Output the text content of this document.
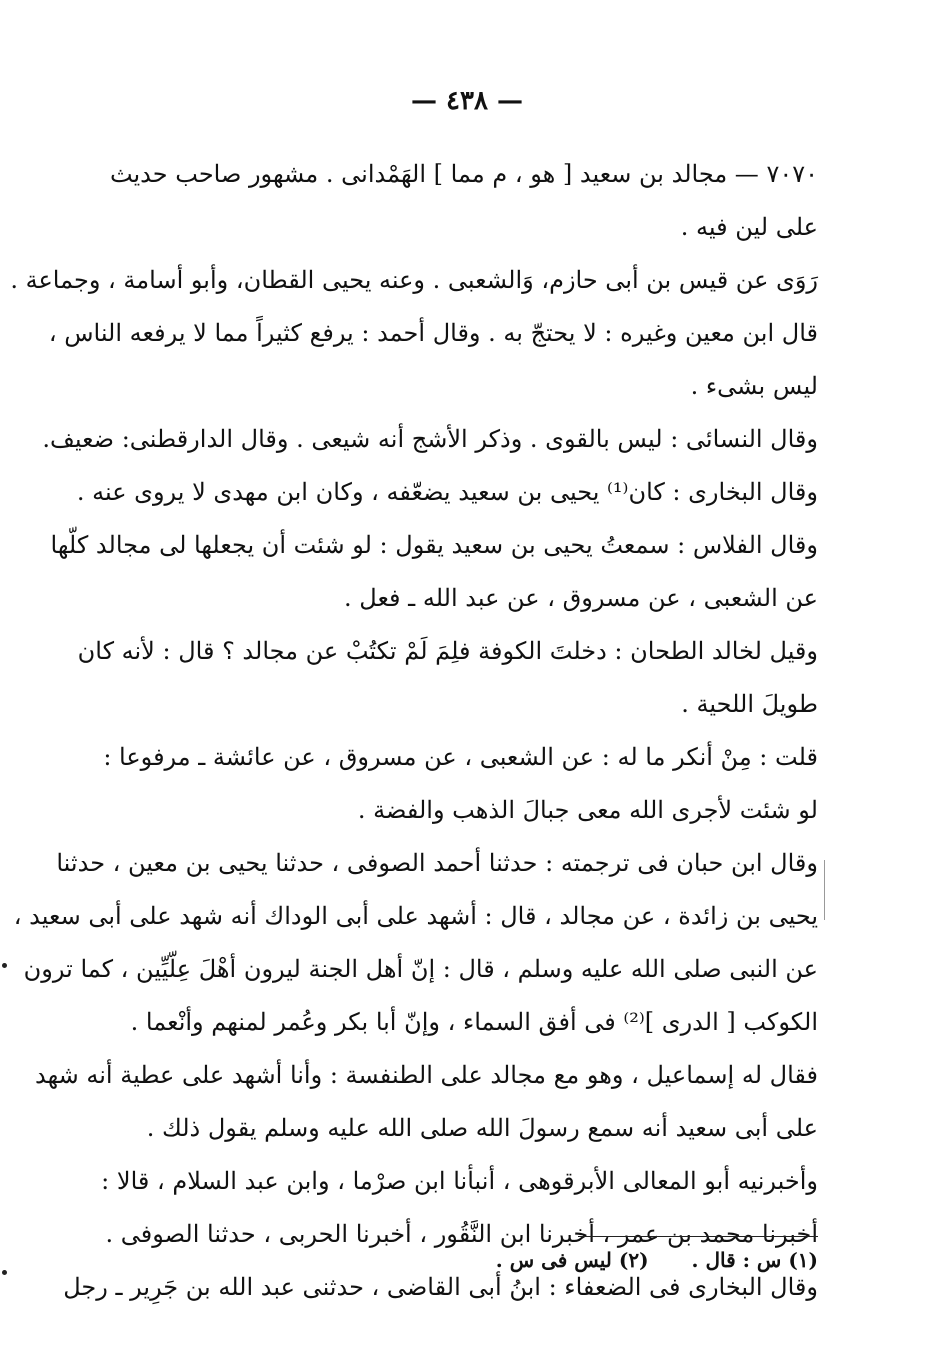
— ٤٣٨ —
٧٠٧٠ — مجالد بن سعيد [ هو ، م مما ] الهَمْدانى . مشهور صاحب حديث
على لين فيه .
رَوَى عن قيس بن أبى حازم، وَالشعبى . وعنه يحيى القطان، وأبو أسامة ، وجماعة .
قال ابن معين وغيره : لا يحتجّ به . وقال أحمد : يرفع كثيراً مما لا يرفعه الناس ،
ليس بشىء .
وقال النسائى : ليس بالقوى . وذكر الأشج أنه شيعى . وقال الدارقطنى: ضعيف.
وقال البخارى : كان⁽¹⁾ يحيى بن سعيد يضعّفه ، وكان ابن مهدى لا يروى عنه .
وقال الفلاس : سمعتُ يحيى بن سعيد يقول : لو شئت أن يجعلها لى مجالد كلّها
عن الشعبى ، عن مسروق ، عن عبد الله ـ فعل .
وقيل لخالد الطحان : دخلتَ الكوفة فلِمَ لَمْ تكتُبْ عن مجالد ؟ قال : لأنه كان
طويلَ اللحية .
قلت : مِنْ أنكر ما له : عن الشعبى ، عن مسروق ، عن عائشة ـ مرفوعا :
لو شئت لأجرى الله معى جبالَ الذهب والفضة .
وقال ابن حبان فى ترجمته : حدثنا أحمد الصوفى ، حدثنا يحيى بن معين ، حدثنا
يحيى بن زائدة ، عن مجالد ، قال : أشهد على أبى الوداك أنه شهد على أبى سعيد ،
عن النبى صلى الله عليه وسلم ، قال : إنّ أهل الجنة ليرون أهْلَ عِلّيِّين ، كما ترون
الكوكب [ الدرى ]⁽²⁾ فى أفق السماء ، وإنّ أبا بكر وعُمر لمنهم وأنْعما .
فقال له إسماعيل ، وهو مع مجالد على الطنفسة : وأنا أشهد على عطية أنه شهد
على أبى سعيد أنه سمع رسولَ الله صلى الله عليه وسلم يقول ذلك .
وأخبرنيه أبو المعالى الأبرقوهى ، أنبأنا ابن صرْما ، وابن عبد السلام ، قالا :
أخبرنا محمد بن عمر ، أخبرنا ابن النَّقُور ، أخبرنا الحربى ، حدثنا الصوفى .
وقال البخارى فى الضعفاء : ابنُ أبى القاضى ، حدثنى عبد الله بن جَرِير ـ رجل
(١) س : قال . (٢) ليس فى س .
